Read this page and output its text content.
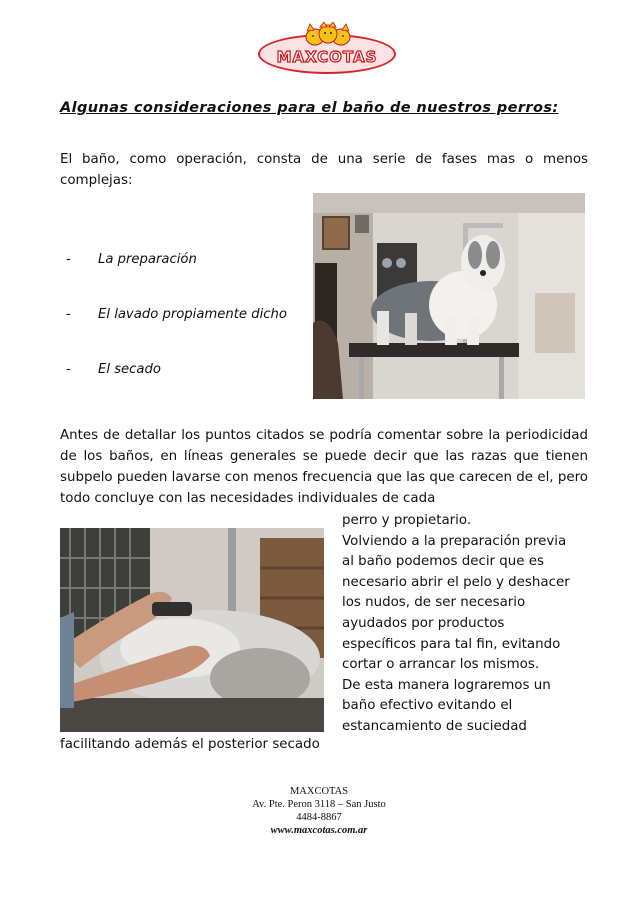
MAXCOTAS
Algunas consideraciones para el baño de nuestros perros:

El baño, como operación, consta de una serie de fases mas o menos complejas:

- La preparación
- El lavado propiamente dicho
- El secado

Antes de detallar los puntos citados se podría comentar sobre la periodicidad de los baños, en líneas generales se puede decir que las razas que tienen subpelo pueden lavarse con menos frecuencia que las que carecen de el, pero todo concluye con las necesidades individuales de cada

perro y propietario.
Volviendo a la preparación previa
al baño podemos decir que es
necesario abrir el pelo y deshacer
los nudos, de ser necesario
ayudados por productos
específicos para tal fin, evitando
cortar o arrancar los mismos.
De esta manera lograremos un
baño efectivo evitando el
estancamiento de suciedad

facilitando además el posterior secado

MAXCOTAS
Av. Pte. Peron 3118 – San Justo
4484-8867
www.maxcotas.com.ar
